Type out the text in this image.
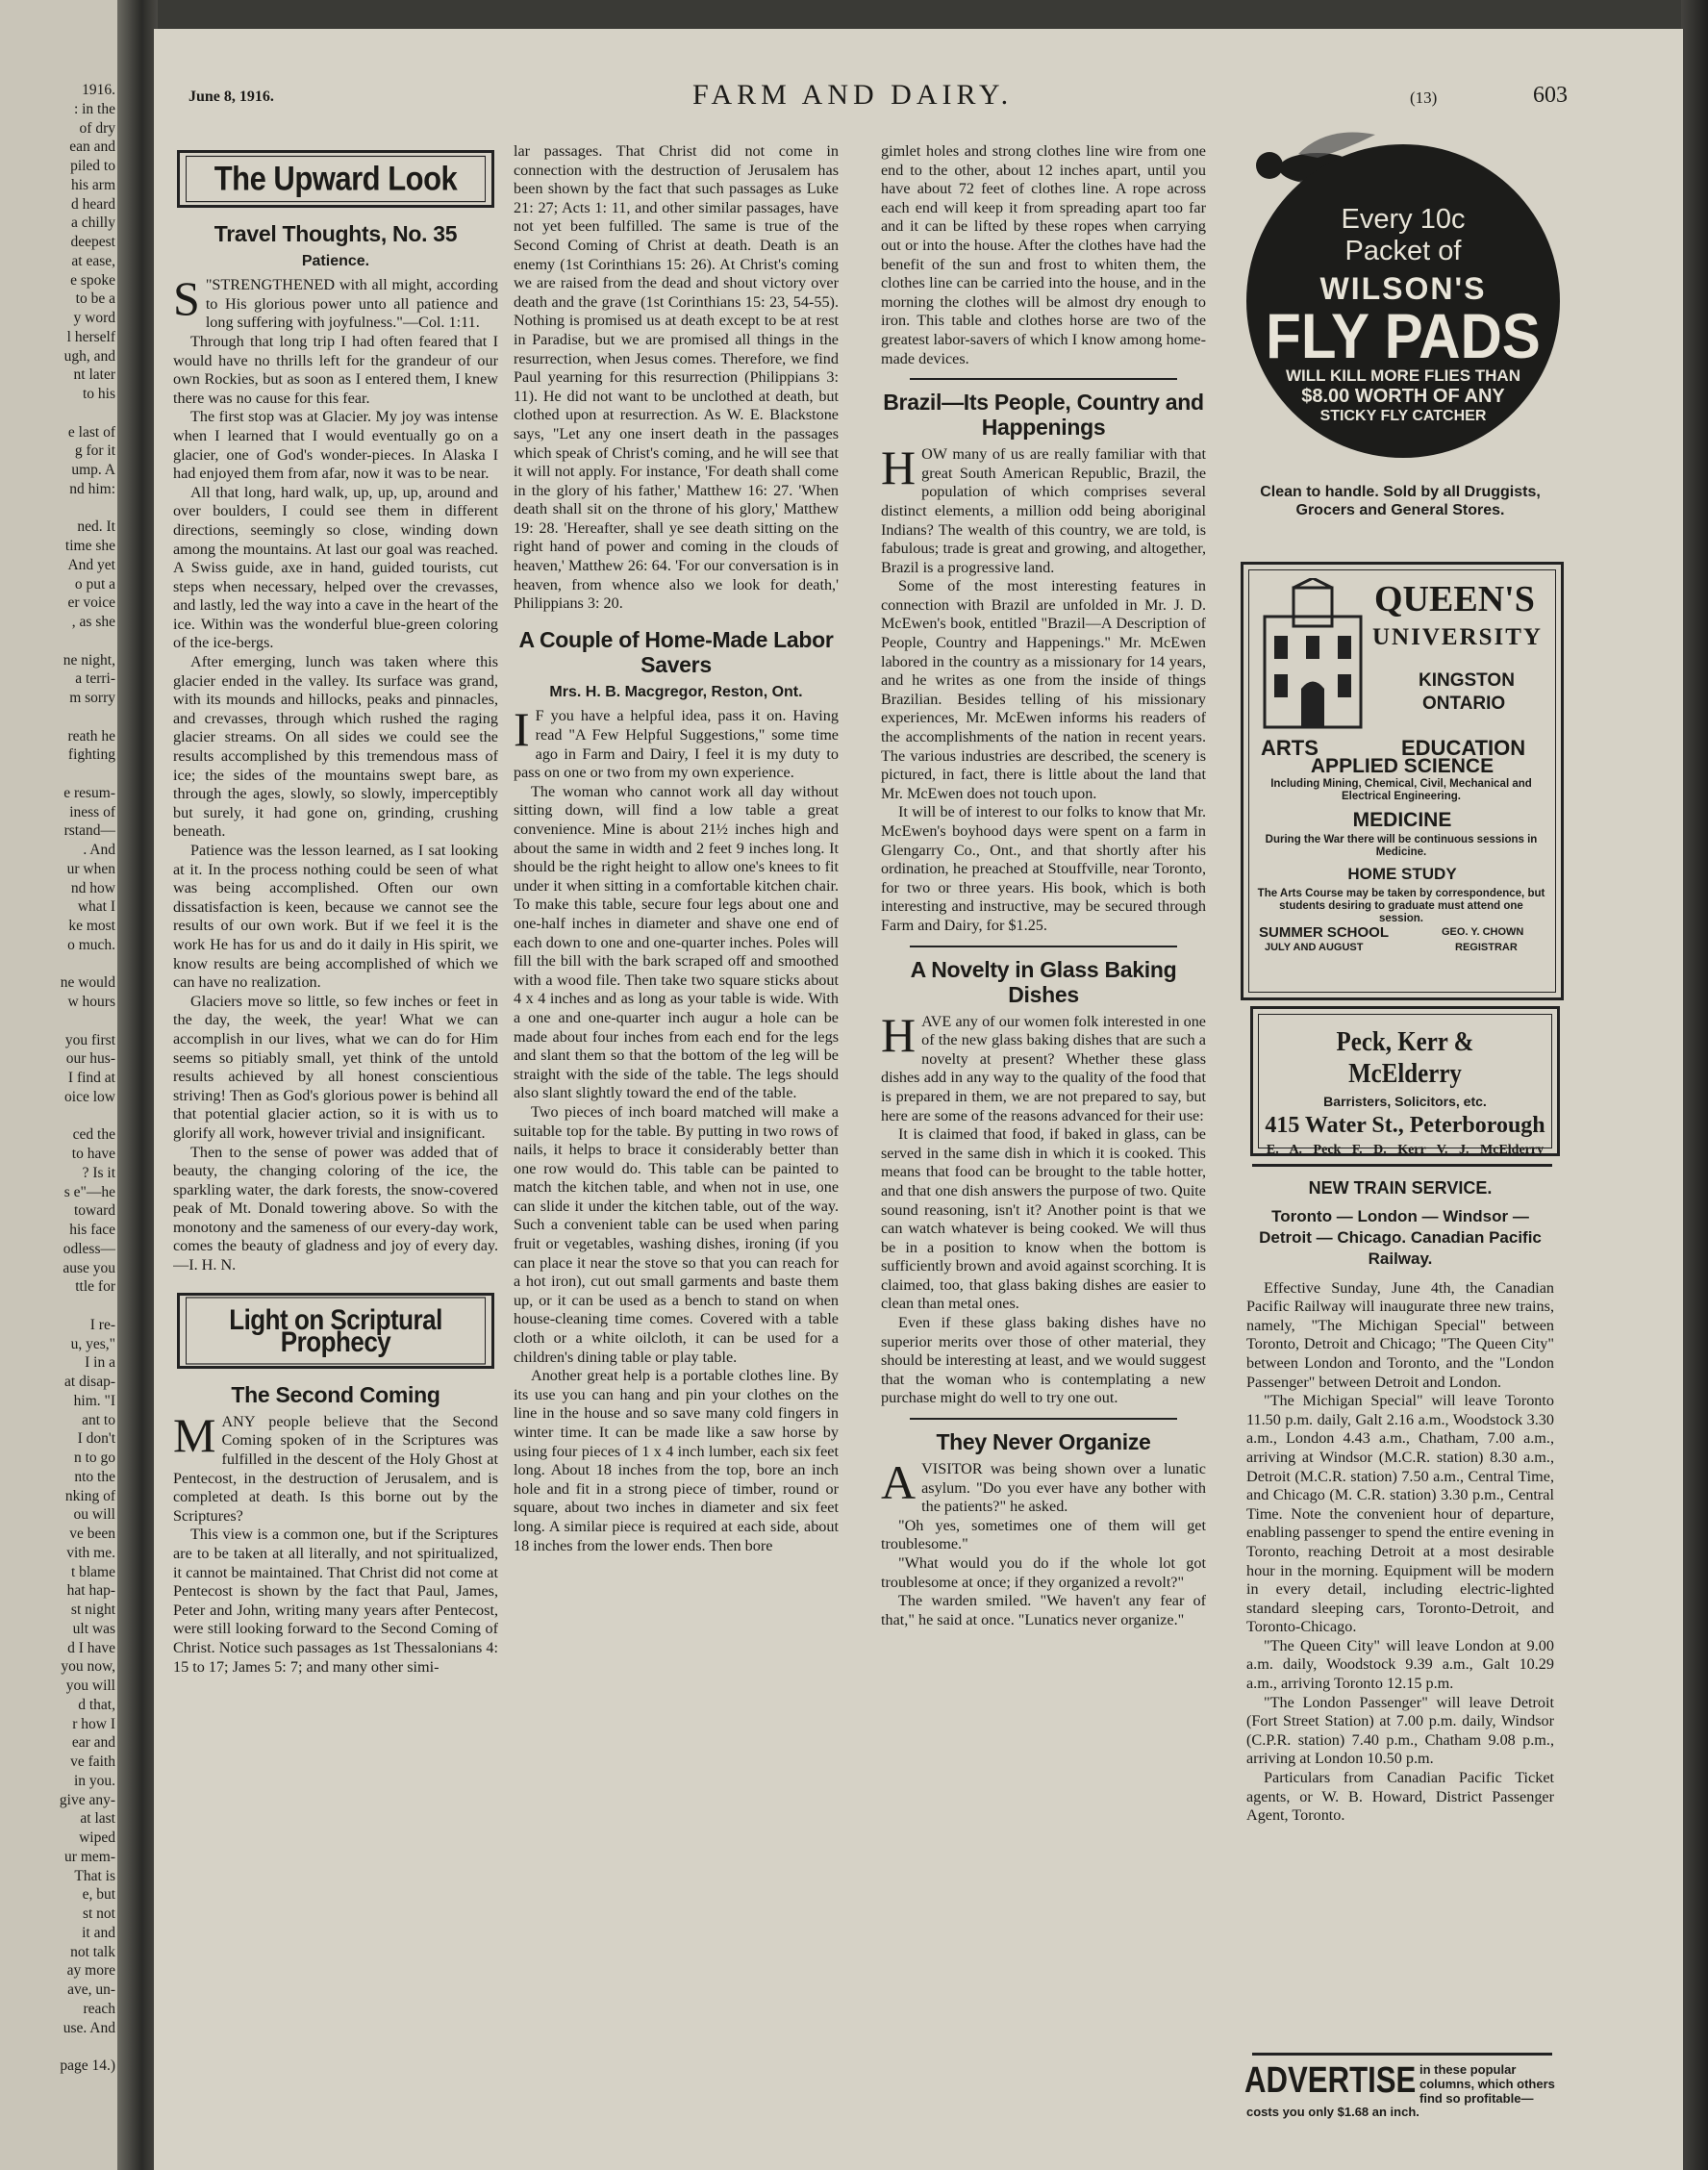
1916.
: in the
of dry
ean and
piled to
his arm
d heard
a chilly
deepest
at ease,
e spoke
to be a
y word
l herself
ugh, and
nt later
to his

e last of
g for it
ump. A
nd him:

ned. It
time she
And yet
o put a
er voice
, as she

ne night,
a terri-
m sorry

reath he
fighting

e resum-
iness of
rstand—
. And
ur when
nd how
what I
ke most
o much.

ne would
w hours

you first
our hus-
I find at
oice low

ced the
to have
? Is it
s e"—he
toward
his face
odless—
ause you
ttle for

I re-
u, yes,"
I in a
at disap-
him. "I
ant to
I don't
n to go
nto the
nking of
ou will
ve been
vith me.
t blame
hat hap-
st night
ult was
d I have
you now,
you will
d that,
r how I
ear and
ve faith
in you.
give any-
at last
wiped
ur mem-
That is
e, but
st not
it and
not talk
ay more
ave, un-
reach
use. And

page 14.)
June 8, 1916.	FARM AND DAIRY.	(13)	603
The Upward Look
Travel Thoughts, No. 35
Patience.

S "STRENGTHENED with all might, according to His glorious power unto all patience and long suffering with joyfulness."—Col. 1:11.

Through that long trip I had often feared that I would have no thrills left for the grandeur of our own Rockies, but as soon as I entered them, I knew there was no cause for this fear.

The first stop was at Glacier. My joy was intense when I learned that I would eventually go on a glacier, one of God's wonder-pieces. In Alaska I had enjoyed them from afar, now it was to be near.

All that long, hard walk, up, up, up, around and over boulders, I could see them in different directions, seemingly so close, winding down among the mountains. At last our goal was reached. A Swiss guide, axe in hand, guided tourists, cut steps when necessary, helped over the crevasses, and lastly, led the way into a cave in the heart of the ice. Within was the wonderful blue-green coloring of the ice-bergs.

After emerging, lunch was taken where this glacier ended in the valley. Its surface was grand, with its mounds and hillocks, peaks and pinnacles, and crevasses, through which rushed the raging glacier streams. On all sides we could see the results accomplished by this tremendous mass of ice; the sides of the mountains swept bare, as through the ages, slowly, so slowly, imperceptibly but surely, it had gone on, grinding, crushing beneath.

Patience was the lesson learned, as I sat looking at it. In the process nothing could be seen of what was being accomplished. Often our own dissatisfaction is keen, because we cannot see the results of our own work. But if we feel it is the work He has for us and do it daily in His spirit, we know results are being accomplished of which we can have no realization.

Glaciers move so little, so few inches or feet in the day, the week, the year! What we can accomplish in our lives, what we can do for Him seems so pitiably small, yet think of the untold results achieved by all honest conscientious striving! Then as God's glorious power is behind all that potential glacier action, so it is with us to glorify all work, however trivial and insignificant.

Then to the sense of power was added that of beauty, the changing coloring of the ice, the sparkling water, the dark forests, the snow-covered peak of Mt. Donald towering above. So with the monotony and the sameness of our every-day work, comes the beauty of gladness and joy of every day.—I. H. N.

Light on Scriptural Prophecy
The Second Coming

MANY people believe that the Second Coming spoken of in the Scriptures was fulfilled in the descent of the Holy Ghost at Pentecost, in the destruction of Jerusalem, and is completed at death. Is this borne out by the Scriptures?

This view is a common one, but if the Scriptures are to be taken at all literally, and not spiritualized, it cannot be maintained. That Christ did not come at Pentecost is shown by the fact that Paul, James, Peter and John, writing many years after Pentecost, were still looking forward to the Second Coming of Christ. Notice such passages as 1st Thessalonians 4: 15 to 17; James 5: 7; and many other simi-

lar passages. That Christ did not come in connection with the destruction of Jerusalem has been shown by the fact that such passages as Luke 21: 27; Acts 1: 11, and other similar passages, have not yet been fulfilled. The same is true of the Second Coming of Christ at death. Death is an enemy (1st Corinthians 15: 26). At Christ's coming we are raised from the dead and shout victory over death and the grave (1st Corinthians 15: 23, 54-55). Nothing is promised us at death except to be at rest in Paradise, but we are promised all things in the resurrection, when Jesus comes. Therefore, we find Paul yearning for this resurrection (Philippians 3: 11). He did not want to be unclothed at death, but clothed upon at resurrection. As W. E. Blackstone says, "Let any one insert death in the passages which speak of Christ's coming, and he will see that it will not apply. For instance, 'For death shall come in the glory of his father,' Matthew 16: 27. 'When death shall sit on the throne of his glory,' Matthew 19: 28. 'Hereafter, shall ye see death sitting on the right hand of power and coming in the clouds of heaven,' Matthew 26: 64. 'For our conversation is in heaven, from whence also we look for death,' Philippians 3: 20.

A Couple of Home-Made Labor Savers
Mrs. H. B. Macgregor, Reston, Ont.

I F you have a helpful idea, pass it on. Having read "A Few Helpful Suggestions," some time ago in Farm and Dairy, I feel it is my duty to pass on one or two from my own experience.

The woman who cannot work all day without sitting down, will find a low table a great convenience. Mine is about 21½ inches high and about the same in width and 2 feet 9 inches long. It should be the right height to allow one's knees to fit under it when sitting in a comfortable kitchen chair. To make this table, secure four legs about one and one-half inches in diameter and shave one end of each down to one and one-quarter inches. Poles will fill the bill with the bark scraped off and smoothed with a wood file. Then take two square sticks about 4 x 4 inches and as long as your table is wide. With a one and one-quarter inch augur a hole can be made about four inches from each end for the legs and slant them so that the bottom of the leg will be straight with the side of the table. The legs should also slant slightly toward the end of the table.

Two pieces of inch board matched will make a suitable top for the table. By putting in two rows of nails, it helps to brace it considerably better than one row would do. This table can be painted to match the kitchen table, and when not in use, one can slide it under the kitchen table, out of the way. Such a convenient table can be used when paring fruit or vegetables, washing dishes, ironing (if you can place it near the stove so that you can reach for a hot iron), cut out small garments and baste them up, or it can be used as a bench to stand on when house-cleaning time comes. Covered with a table cloth or a white oilcloth, it can be used for a children's dining table or play table.

Another great help is a portable clothes line. By its use you can hang and pin your clothes on the line in the house and so save many cold fingers in winter time. It can be made like a saw horse by using four pieces of 1 x 4 inch lumber, each six feet long. About 18 inches from the top, bore an inch hole and fit in a strong piece of timber, round or square, about two inches in diameter and six feet long. A similar piece is required at each side, about 18 inches from the lower ends. Then bore

gimlet holes and strong clothes line wire from one end to the other, about 12 inches apart, until you have about 72 feet of clothes line. A rope across each end will keep it from spreading apart too far and it can be lifted by these ropes when carrying out or into the house. After the clothes have had the benefit of the sun and frost to whiten them, the clothes line can be carried into the house, and in the morning the clothes will be almost dry enough to iron. This table and clothes horse are two of the greatest labor-savers of which I know among home-made devices.

Brazil—Its People, Country and Happenings

HOW many of us are really familiar with that great South American Republic, Brazil, the population of which comprises several distinct elements, a million odd being aboriginal Indians? The wealth of this country, we are told, is fabulous; trade is great and growing, and altogether, Brazil is a progressive land.

Some of the most interesting features in connection with Brazil are unfolded in Mr. J. D. McEwen's book, entitled "Brazil—A Description of People, Country and Happenings." Mr. McEwen labored in the country as a missionary for 14 years, and he writes as one from the inside of things Brazilian. Besides telling of his missionary experiences, Mr. McEwen informs his readers of the accomplishments of the nation in recent years. The various industries are described, the scenery is pictured, in fact, there is little about the land that Mr. McEwen does not touch upon.

It will be of interest to our folks to know that Mr. McEwen's boyhood days were spent on a farm in Glengarry Co., Ont., and that shortly after his ordination, he preached at Stouffville, near Toronto, for two or three years. His book, which is both interesting and instructive, may be secured through Farm and Dairy, for $1.25.

A Novelty in Glass Baking Dishes

HAVE any of our women folk interested in one of the new glass baking dishes that are such a novelty at present? Whether these glass dishes add in any way to the quality of the food that is prepared in them, we are not prepared to say, but here are some of the reasons advanced for their use:

It is claimed that food, if baked in glass, can be served in the same dish in which it is cooked. This means that food can be brought to the table hotter, and that one dish answers the purpose of two. Quite sound reasoning, isn't it? Another point is that we can watch whatever is being cooked. We will thus be in a position to know when the bottom is sufficiently brown and avoid against scorching. It is claimed, too, that glass baking dishes are easier to clean than metal ones.

Even if these glass baking dishes have no superior merits over those of other material, they should be interesting at least, and we would suggest that the woman who is contemplating a new purchase might do well to try one out.

They Never Organize

AVISITOR was being shown over a lunatic asylum. "Do you ever have any bother with the patients?" he asked.

"Oh yes, sometimes one of them will get troublesome."

"What would you do if the whole lot got troublesome at once; if they organized a revolt?"

The warden smiled. "We haven't any fear of that," he said at once. "Lunatics never organize."

Every 10c
Packet of
WILSON'S
FLY PADS
WILL KILL MORE FLIES THAN
$8.00 WORTH OF ANY
STICKY FLY CATCHER
Clean to handle. Sold by all Druggists, Grocers and General Stores.
QUEEN'S
UNIVERSITY
KINGSTON
ONTARIO
ARTS	EDUCATION
APPLIED SCIENCE
Including Mining, Chemical, Civil, Mechanical and Electrical Engineering.
MEDICINE
During the War there will be continuous sessions in Medicine.
HOME STUDY
The Arts Course may be taken by correspondence, but students desiring to graduate must attend one session.
SUMMER SCHOOL
JULY AND AUGUST
GEO. Y. CHOWN
REGISTRAR
Peck, Kerr & McElderry
Barristers, Solicitors, etc.
415 Water St., Peterborough
E. A. Peck F. D. Kerr V. J. McElderry
NEW TRAIN SERVICE.
Toronto — London — Windsor — Detroit — Chicago. Canadian Pacific Railway.

Effective Sunday, June 4th, the Canadian Pacific Railway will inaugurate three new trains, namely, "The Michigan Special" between Toronto, Detroit and Chicago; "The Queen City" between London and Toronto, and the "London Passenger" between Detroit and London.

"The Michigan Special" will leave Toronto 11.50 p.m. daily, Galt 2.16 a.m., Woodstock 3.30 a.m., London 4.43 a.m., Chatham, 7.00 a.m., arriving at Windsor (M.C.R. station) 8.30 a.m., Detroit (M.C.R. station) 7.50 a.m., Central Time, and Chicago (M. C.R. station) 3.30 p.m., Central Time. Note the convenient hour of departure, enabling passenger to spend the entire evening in Toronto, reaching Detroit at a most desirable hour in the morning. Equipment will be modern in every detail, including electric-lighted standard sleeping cars, Toronto-Detroit, and Toronto-Chicago.

"The Queen City" will leave London at 9.00 a.m. daily, Woodstock 9.39 a.m., Galt 10.29 a.m., arriving Toronto 12.15 p.m.

"The London Passenger" will leave Detroit (Fort Street Station) at 7.00 p.m. daily, Windsor (C.P.R. station) 7.40 p.m., Chatham 9.08 p.m., arriving at London 10.50 p.m.

Particulars from Canadian Pacific Ticket agents, or W. B. Howard, District Passenger Agent, Toronto.

ADVERTISE in these popular columns, which others find so profitable—
costs you only $1.68 an inch.
